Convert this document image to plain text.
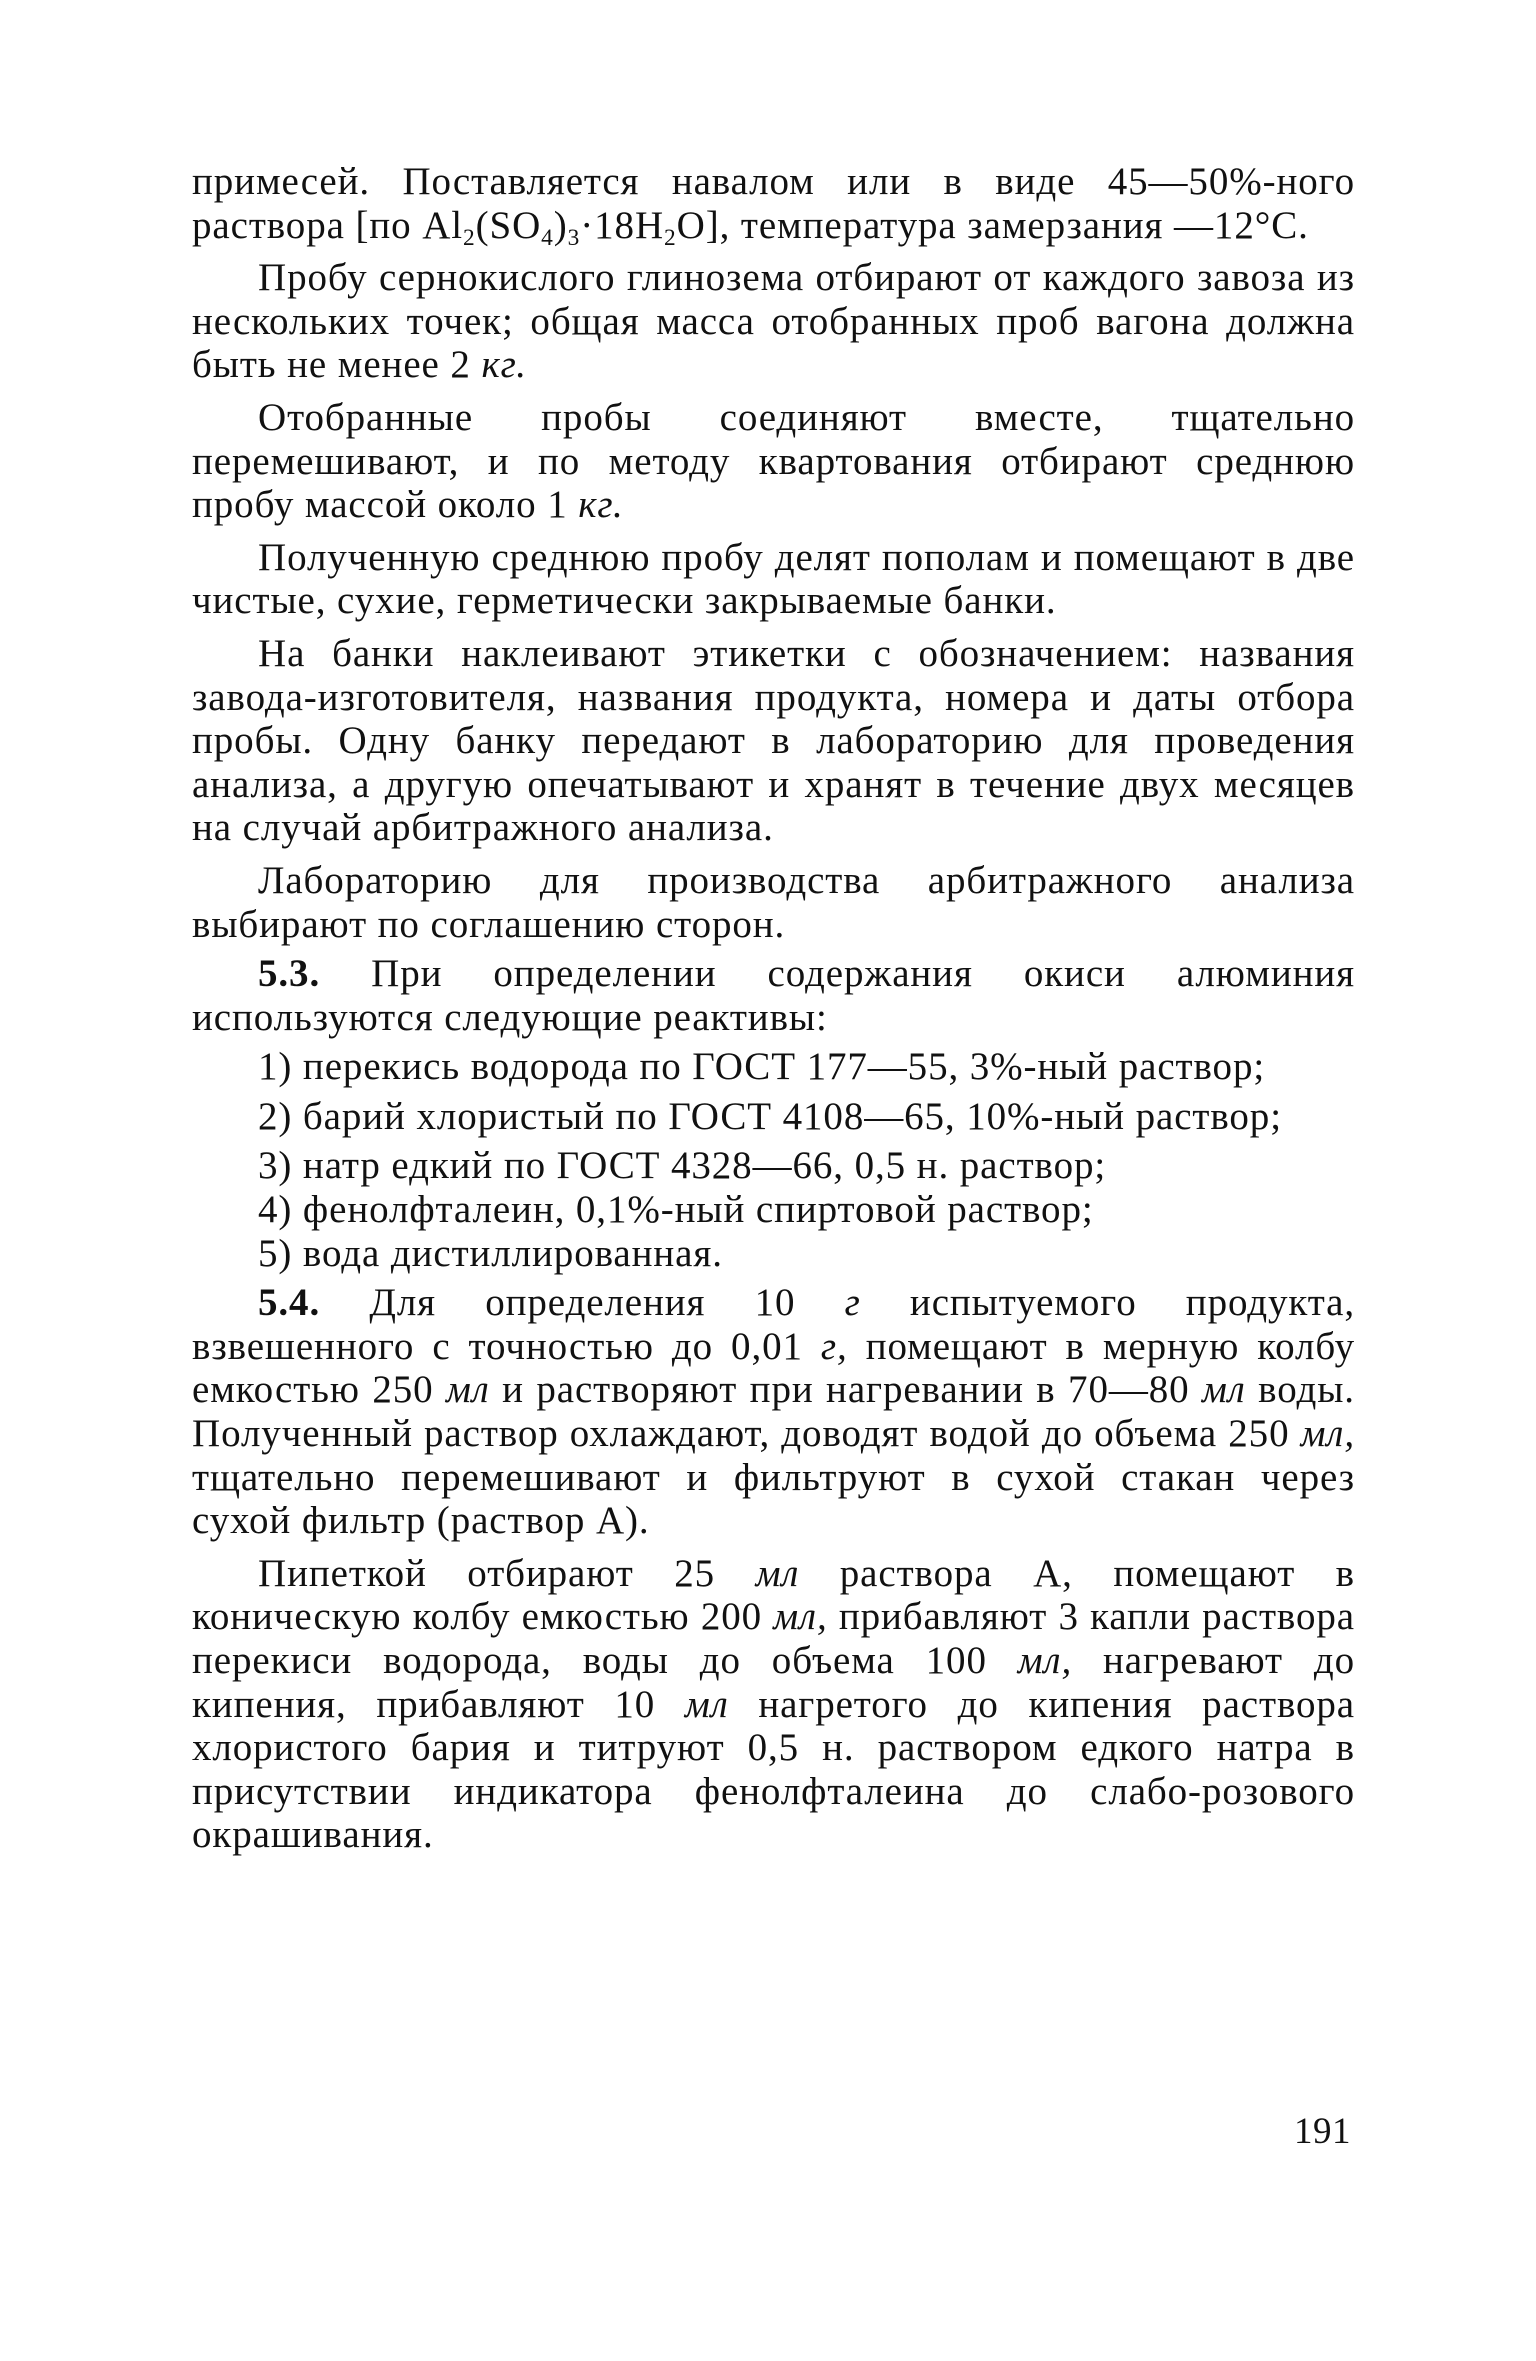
примесей. Поставляется навалом или в виде 45—50%-ного раствора [по $Al_2(SO_4)_3\cdot 18H_2O$], температура замерзания —12°C.

Пробу сернокислого глинозема отбирают от каждого завоза из нескольких точек; общая масса отобранных проб вагона должна быть не менее 2 кг.

Отобранные пробы соединяют вместе, тщательно перемешивают, и по методу квартования отбирают среднюю пробу массой около 1 кг.

Полученную среднюю пробу делят пополам и помещают в две чистые, сухие, герметически закрываемые банки.

На банки наклеивают этикетки с обозначением: названия завода-изготовителя, названия продукта, номера и даты отбора пробы. Одну банку передают в лабораторию для проведения анализа, а другую опечатывают и хранят в течение двух месяцев на случай арбитражного анализа.

Лабораторию для производства арбитражного анализа выбирают по соглашению сторон.

5.3. При определении содержания окиси алюминия используются следующие реактивы:

1) перекись водорода по ГОСТ 177—55, 3%-ный раствор;

2) барий хлористый по ГОСТ 4108—65, 10%-ный раствор;

3) натр едкий по ГОСТ 4328—66, 0,5 н. раствор;

4) фенолфталеин, 0,1%-ный спиртовой раствор;

5) вода дистиллированная.

5.4. Для определения 10 г испытуемого продукта, взвешенного с точностью до 0,01 г, помещают в мерную колбу емкостью 250 мл и растворяют при нагревании в 70—80 мл воды. Полученный раствор охлаждают, доводят водой до объема 250 мл, тщательно перемешивают и фильтруют в сухой стакан через сухой фильтр (раствор А).

Пипеткой отбирают 25 мл раствора А, помещают в коническую колбу емкостью 200 мл, прибавляют 3 капли раствора перекиси водорода, воды до объема 100 мл, нагревают до кипения, прибавляют 10 мл нагретого до кипения раствора хлористого бария и титруют 0,5 н. раствором едкого натра в присутствии индикатора фенолфталеина до слабо-розового окрашивания.

191
